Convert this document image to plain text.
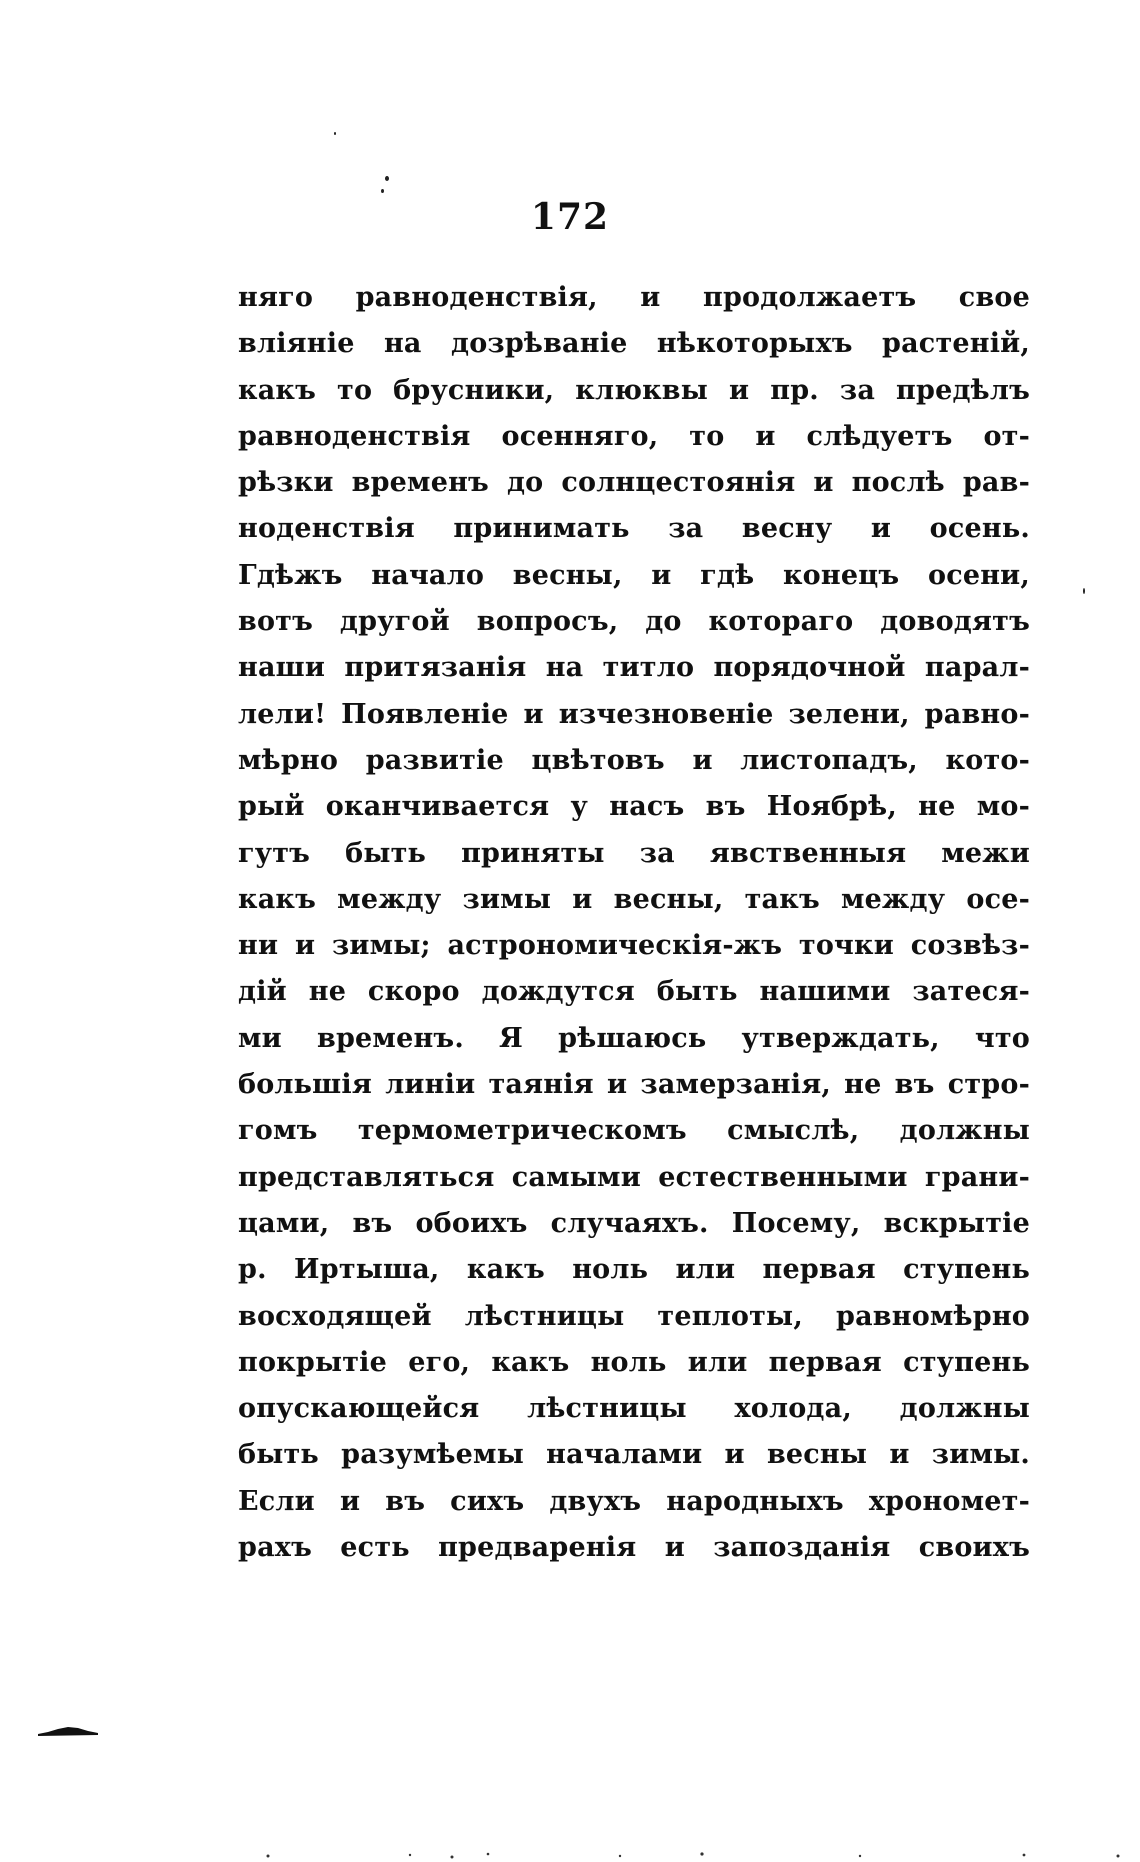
172
няго равноденствія, и продолжаетъ свое
вліяніе на дозрѣваніе нѣкоторыхъ растеній,
какъ то брусники, клюквы и пр. за предѣлъ
равноденствія осенняго, то и слѣдуетъ от-
рѣзки временъ до солнцестоянія и послѣ рав-
ноденствія принимать за весну и осень.
Гдѣжъ начало весны, и гдѣ конецъ осени,
вотъ другой вопросъ, до котораго доводятъ
наши притязанія на титло порядочной парал-
лели! Появленіе и изчезновеніе зелени, равно-
мѣрно развитіе цвѣтовъ и листопадъ, кото-
рый оканчивается у насъ въ Ноябрѣ, не мо-
гутъ быть приняты за явственныя межи
какъ между зимы и весны, такъ между осе-
ни и зимы; астрономическія-жъ точки созвѣз-
дій не скоро дождутся быть нашими затеся-
ми временъ. Я рѣшаюсь утверждать, что
большія линіи таянія и замерзанія, не въ стро-
гомъ термометрическомъ смыслѣ, должны
представляться самыми естественными грани-
цами, въ обоихъ случаяхъ. Посему, вскрытіе
р. Иртыша, какъ ноль или первая ступень
восходящей лѣстницы теплоты, равномѣрно
покрытіе его, какъ ноль или первая ступень
опускающейся лѣстницы холода, должны
быть разумѣемы началами и весны и зимы.
Если и въ сихъ двухъ народныхъ хрономет-
рахъ есть предваренія и запозданія своихъ
